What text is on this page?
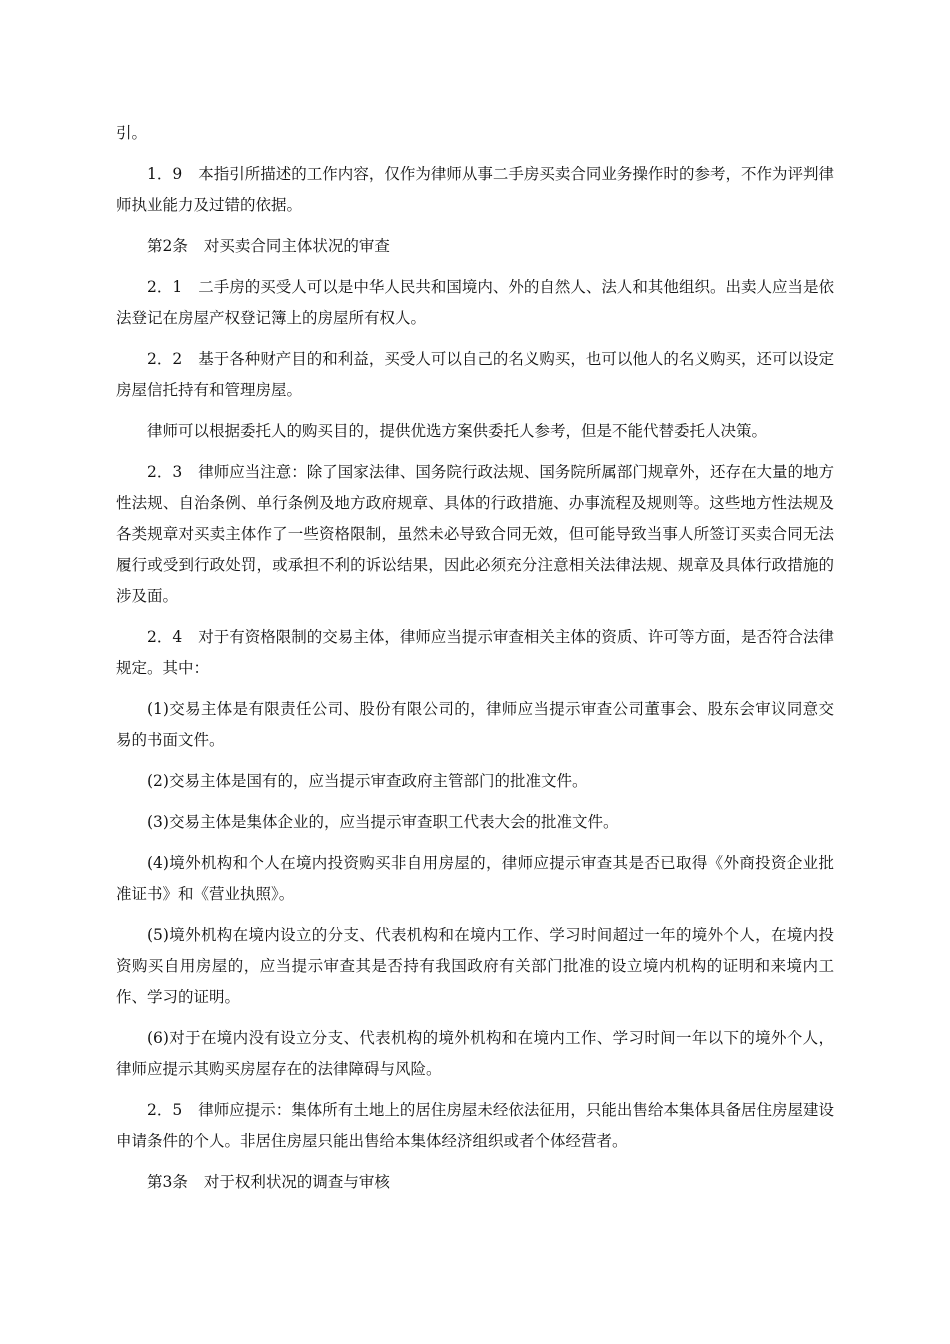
引。

1．9 本指引所描述的工作内容，仅作为律师从事二手房买卖合同业务操作时的参考，不作为评判律师执业能力及过错的依据。

第2条 对买卖合同主体状况的审查

2．1 二手房的买受人可以是中华人民共和国境内、外的自然人、法人和其他组织。出卖人应当是依法登记在房屋产权登记簿上的房屋所有权人。

2．2 基于各种财产目的和利益，买受人可以自己的名义购买，也可以他人的名义购买，还可以设定房屋信托持有和管理房屋。

律师可以根据委托人的购买目的，提供优选方案供委托人参考，但是不能代替委托人决策。

2．3 律师应当注意：除了国家法律、国务院行政法规、国务院所属部门规章外，还存在大量的地方性法规、自治条例、单行条例及地方政府规章、具体的行政措施、办事流程及规则等。这些地方性法规及各类规章对买卖主体作了一些资格限制，虽然未必导致合同无效，但可能导致当事人所签订买卖合同无法履行或受到行政处罚，或承担不利的诉讼结果，因此必须充分注意相关法律法规、规章及具体行政措施的涉及面。

2．4 对于有资格限制的交易主体，律师应当提示审查相关主体的资质、许可等方面，是否符合法律规定。其中：

(1)交易主体是有限责任公司、股份有限公司的，律师应当提示审查公司董事会、股东会审议同意交易的书面文件。

(2)交易主体是国有的，应当提示审查政府主管部门的批准文件。

(3)交易主体是集体企业的，应当提示审查职工代表大会的批准文件。

(4)境外机构和个人在境内投资购买非自用房屋的，律师应提示审查其是否已取得《外商投资企业批准证书》和《营业执照》。

(5)境外机构在境内设立的分支、代表机构和在境内工作、学习时间超过一年的境外个人，在境内投资购买自用房屋的，应当提示审查其是否持有我国政府有关部门批准的设立境内机构的证明和来境内工作、学习的证明。

(6)对于在境内没有设立分支、代表机构的境外机构和在境内工作、学习时间一年以下的境外个人，律师应提示其购买房屋存在的法律障碍与风险。

2．5 律师应提示：集体所有土地上的居住房屋未经依法征用，只能出售给本集体具备居住房屋建设申请条件的个人。非居住房屋只能出售给本集体经济组织或者个体经营者。

第3条 对于权利状况的调查与审核
